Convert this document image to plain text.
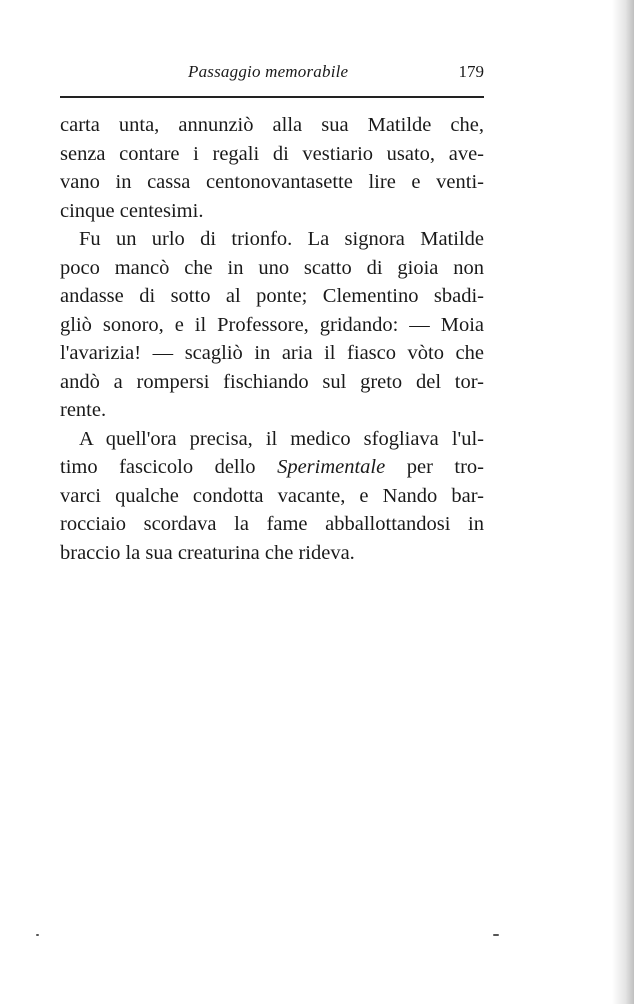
Passaggio memorabile	179
carta unta, annunziò alla sua Matilde che,
senza contare i regali di vestiario usato, ave-
vano in cassa centonovantasette lire e venti-
cinque centesimi.
Fu un urlo di trionfo. La signora Matilde
poco mancò che in uno scatto di gioia non
andasse di sotto al ponte; Clementino sbadi-
gliò sonoro, e il Professore, gridando: — Moia
l'avarizia! — scagliò in aria il fiasco vòto che
andò a rompersi fischiando sul greto del tor-
rente.
A quell'ora precisa, il medico sfogliava l'ul-
timo fascicolo dello Sperimentale per tro-
varci qualche condotta vacante, e Nando bar-
rocciaio scordava la fame abballottandosi in
braccio la sua creaturina che rideva.
